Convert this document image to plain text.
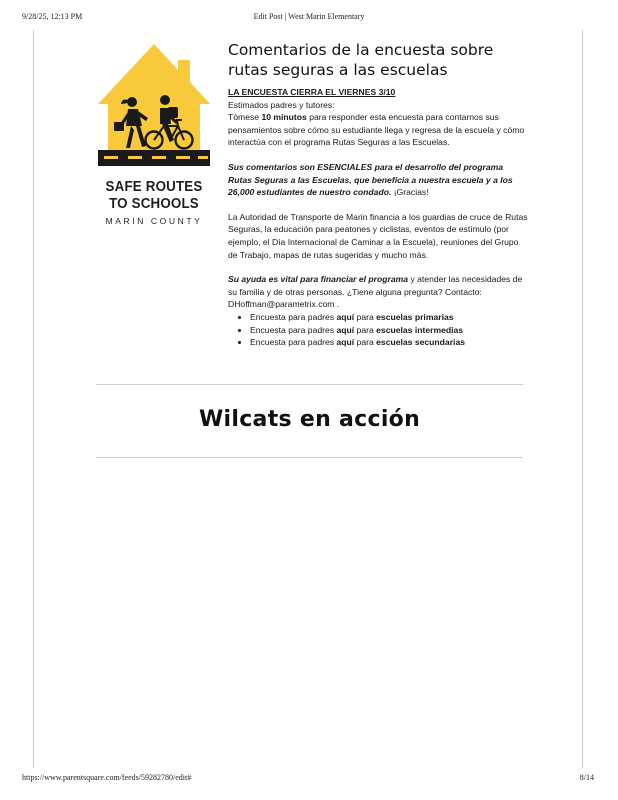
9/28/25, 12:13 PM	Edit Post | West Marin Elementary
SAFE ROUTES
TO SCHOOLS
MARIN COUNTY
Comentarios de la encuesta sobre rutas seguras a las escuelas

LA ENCUESTA CIERRA EL VIERNES 3/10
Estimados padres y tutores:
Tómese 10 minutos para responder esta encuesta para contarnos sus pensamientos sobre cómo su estudiante llega y regresa de la escuela y cómo interactúa con el programa Rutas Seguras a las Escuelas.

Sus comentarios son ESENCIALES para el desarrollo del programa Rutas Seguras a las Escuelas, que beneficia a nuestra escuela y a los 26,000 estudiantes de nuestro condado. ¡Gracias!

La Autoridad de Transporte de Marin financia a los guardias de cruce de Rutas Seguras, la educación para peatones y ciclistas, eventos de estímulo (por ejemplo, el Día Internacional de Caminar a la Escuela), reuniones del Grupo de Trabajo, mapas de rutas sugeridas y mucho más.

Su ayuda es vital para financiar el programa y atender las necesidades de su familia y de otras personas. ¿Tiene alguna pregunta? Contacto: DHoffman@parametrix.com .

• Encuesta para padres aquí para escuelas primarias
• Encuesta para padres aquí para escuelas intermedias
• Encuesta para padres aquí para escuelas secundarias
Wilcats en acción
https://www.parentsquare.com/feeds/59282780/edit#	8/14
